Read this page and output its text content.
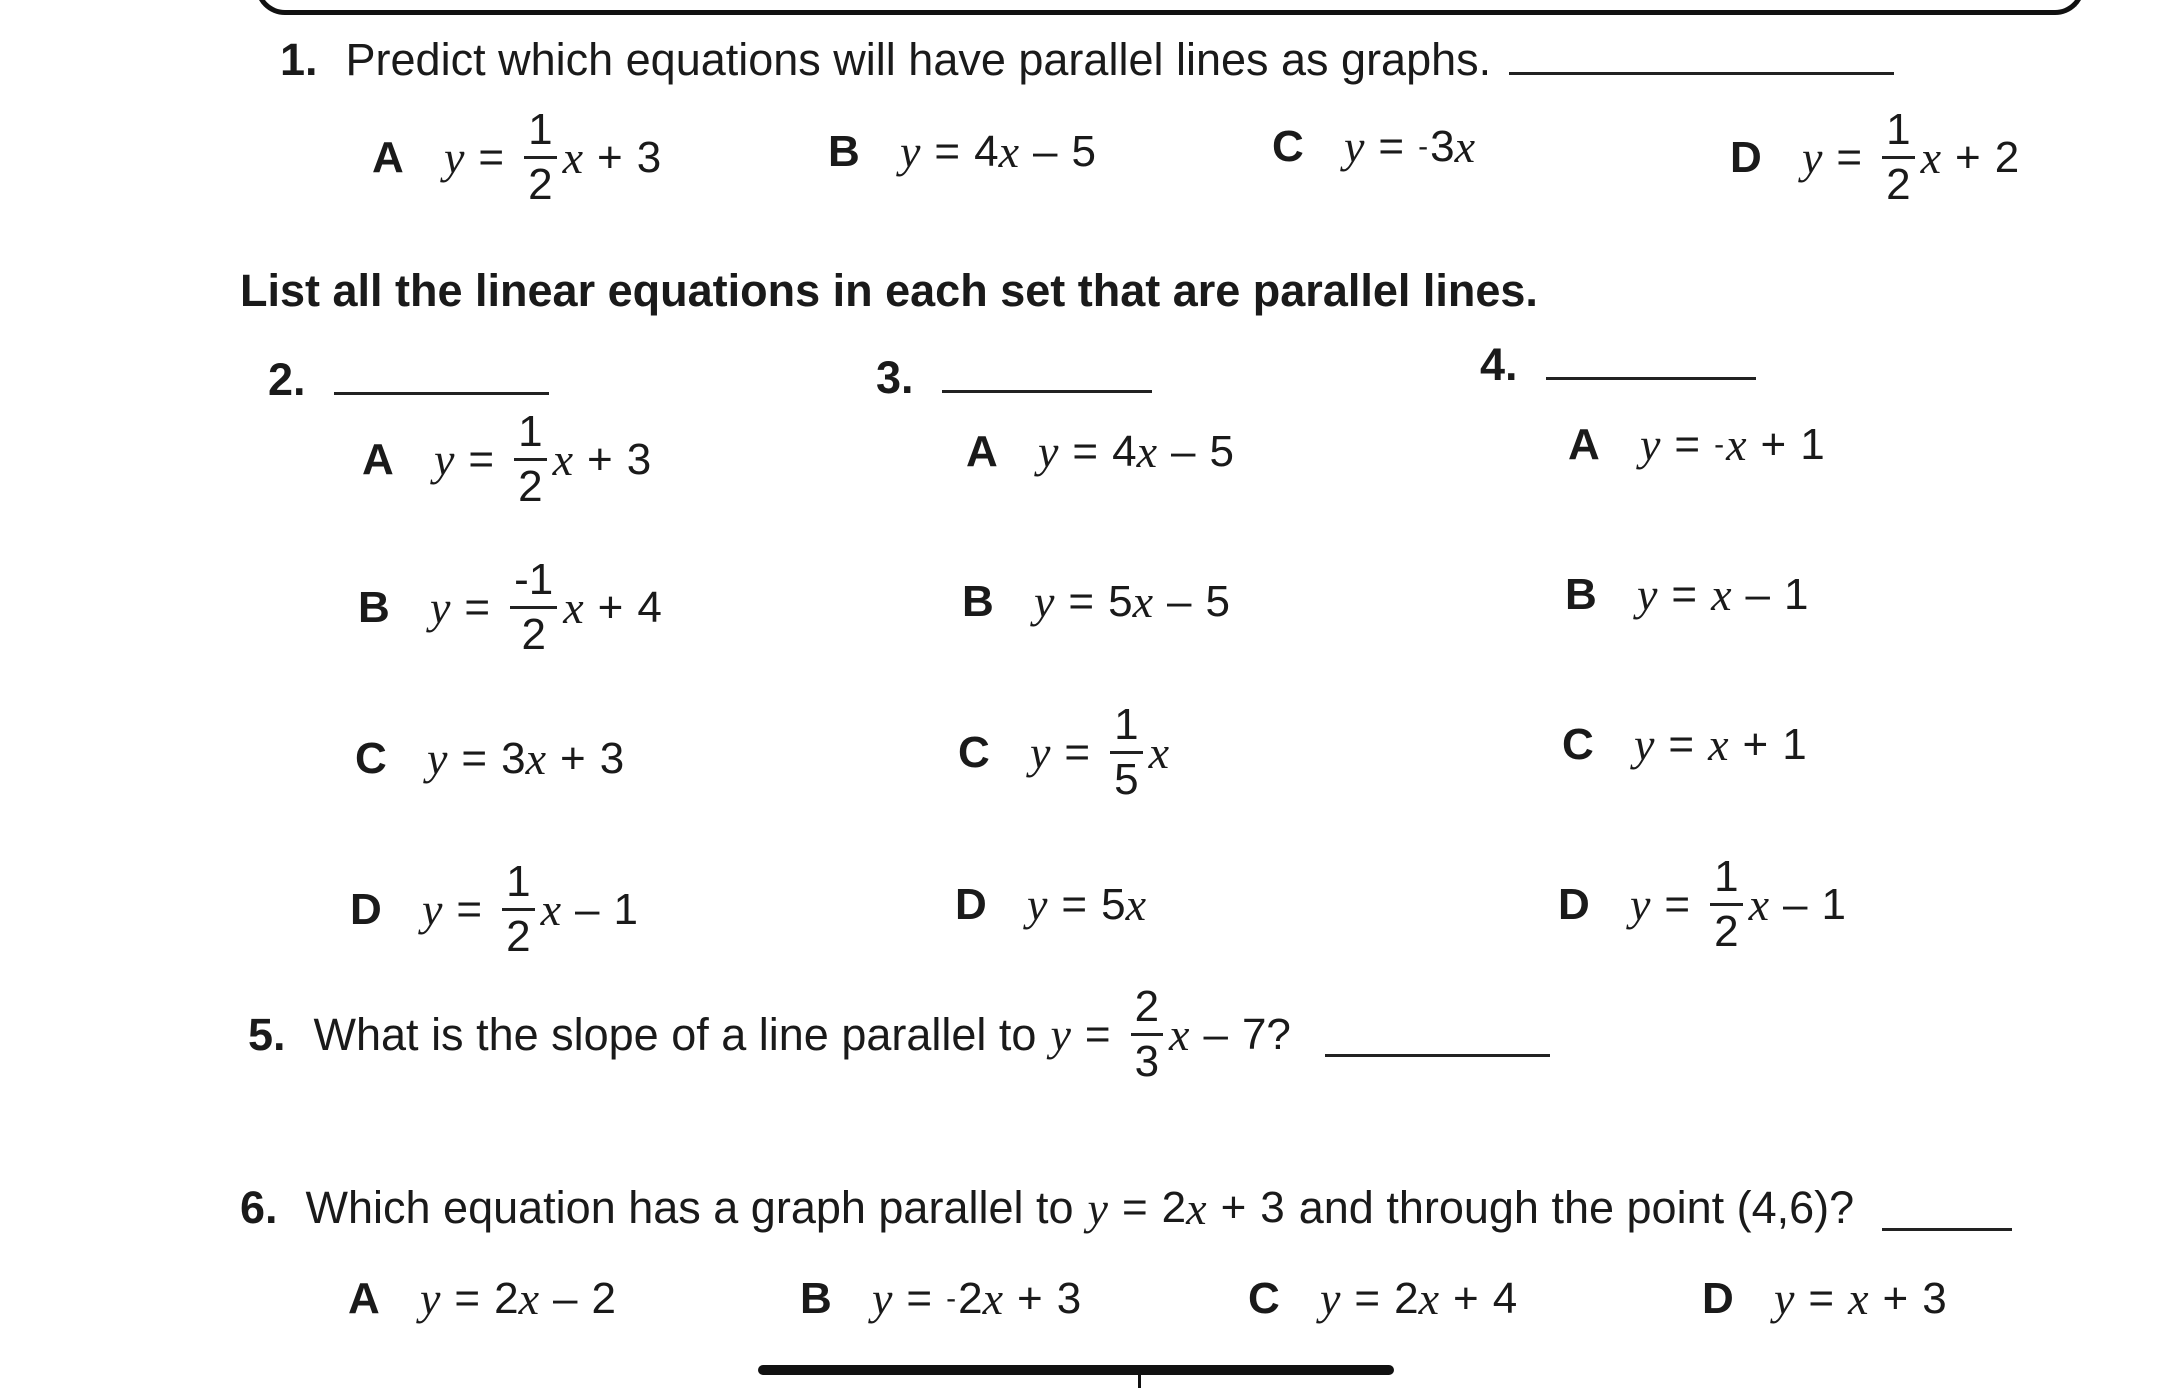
1. Predict which equations will have parallel lines as graphs.
A $y = \frac{1}{2}$ x + 3	B y = 4 x – 5	C y = - 3 x	D $y = \frac{1}{2}$ x + 2
List all the linear equations in each set that are parallel lines.
2.	3.	4.
A $y = \frac{1}{2}$ x + 3
B $y = \frac{-1}{2}$ x + 4
C y = 3 x + 3
D $y = \frac{1}{2}$ x – 1
A y = 4 x – 5
B y = 5 x – 5
C $y = \frac{1}{5}$ x
D y = 5 x
A y = - x + 1
B y = x – 1
C y = x + 1
D $y = \frac{1}{2}$ x – 1
5. What is the slope of a line parallel to $y = \frac{2}{3}$ x – 7?
6. Which equation has a graph parallel to y = 2 x + 3 and through the point (4,6)?
A y = 2 x – 2	B y = - 2 x + 3	C y = 2 x + 4	D y = x + 3
